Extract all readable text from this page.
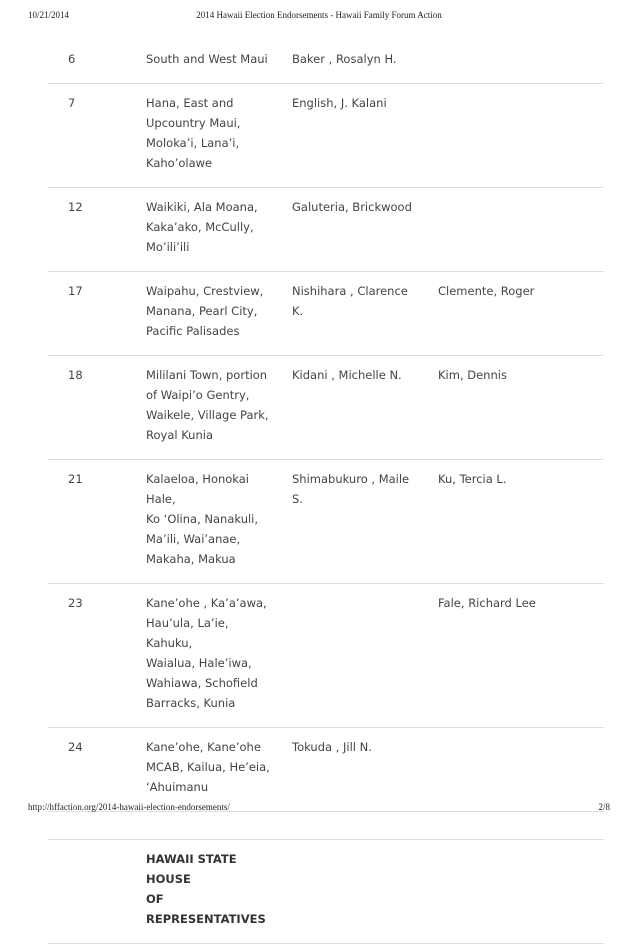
10/21/2014	2014 Hawaii Election Endorsements - Hawaii Family Forum Action
6	South and West Maui	Baker , Rosalyn H.	
7	Hana, East and
Upcountry Maui,
Moloka’i, Lana’i,
Kaho’olawe	English, J. Kalani	
12	Waikiki, Ala Moana,
Kaka’ako, McCully,
Mo’ili’ili	Galuteria, Brickwood	
17	Waipahu, Crestview,
Manana, Pearl City,
Pacific Palisades	Nishihara , Clarence K.	Clemente, Roger
18	Mililani Town, portion
of Waipi’o Gentry,
Waikele, Village Park,
Royal Kunia	Kidani , Michelle N.	Kim, Dennis
21	Kalaeloa, Honokai Hale,
Ko ‘Olina, Nanakuli,
Ma’ili, Wai’anae,
Makaha, Makua	Shimabukuro , Maile S.	Ku, Tercia L.
23	Kane’ohe , Ka’a’awa,
Hau’ula, La’ie, Kahuku,
Waialua, Hale’iwa,
Wahiawa, Schofield
Barracks, Kunia		Fale, Richard Lee
24	Kane’ohe, Kane’ohe
MCAB, Kailua, He’eia,
‘Ahuimanu	Tokuda , Jill N.	

	HAWAII STATE HOUSE
OF REPRESENTATIVES		

http://hffaction.org/2014-hawaii-election-endorsements/	2/8
